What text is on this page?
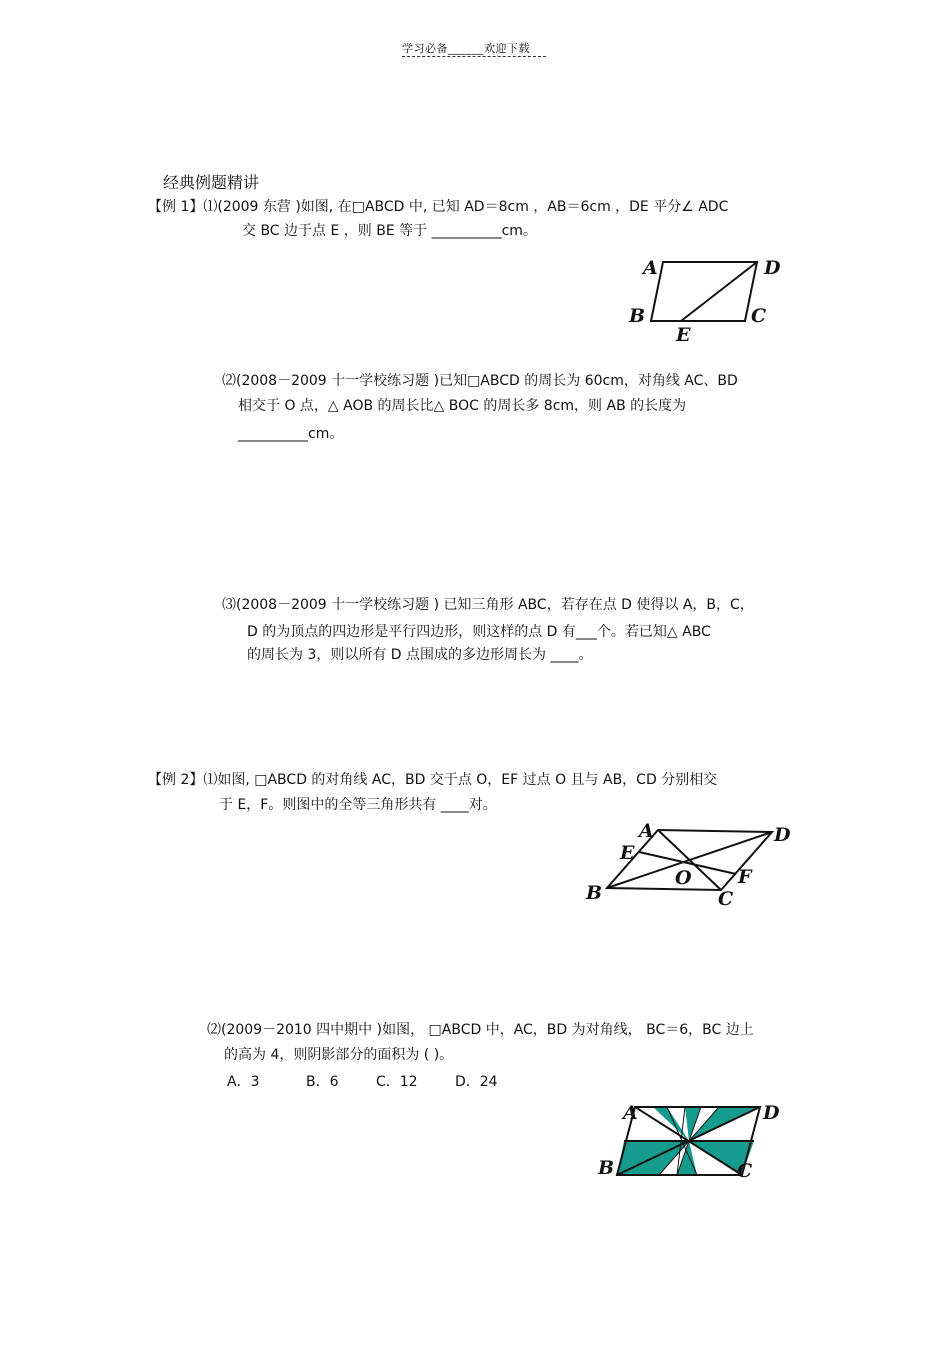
学习必备______欢迎下载
经典例题精讲
【例 1】⑴(2009 东营 )如图, 在□ABCD 中, 已知 AD＝8cm ，AB＝6cm ，DE 平分∠ ADC
交 BC 边于点 E ，则 BE 等于 __________cm。
A	D
B
E
C
⑵(2008－2009 十一学校练习题 )已知□ABCD 的周长为 60cm，对角线 AC、BD
相交于 O 点，△ AOB 的周长比△ BOC 的周长多 8cm，则 AB 的长度为
__________cm。
⑶(2008－2009 十一学校练习题 ) 已知三角形 ABC，若存在点 D 使得以 A，B，C，
D 的为顶点的四边形是平行四边形，则这样的点 D 有___个。若已知△ ABC
的周长为 3，则以所有 D 点围成的多边形周长为 ____。
【例 2】⑴如图, □ABCD 的对角线 AC，BD 交于点 O，EF 过点 O 且与 AB，CD 分别相交
于 E，F。则图中的全等三角形共有 ____对。
A	D
E
O F
B	C
⑵(2009－2010 四中期中 )如图， □ABCD 中，AC，BD 为对角线， BC＝6，BC 边上
的高为 4，则阴影部分的面积为 ( )。
A．3	B．6	C．12	D．24
A	D
B	C
